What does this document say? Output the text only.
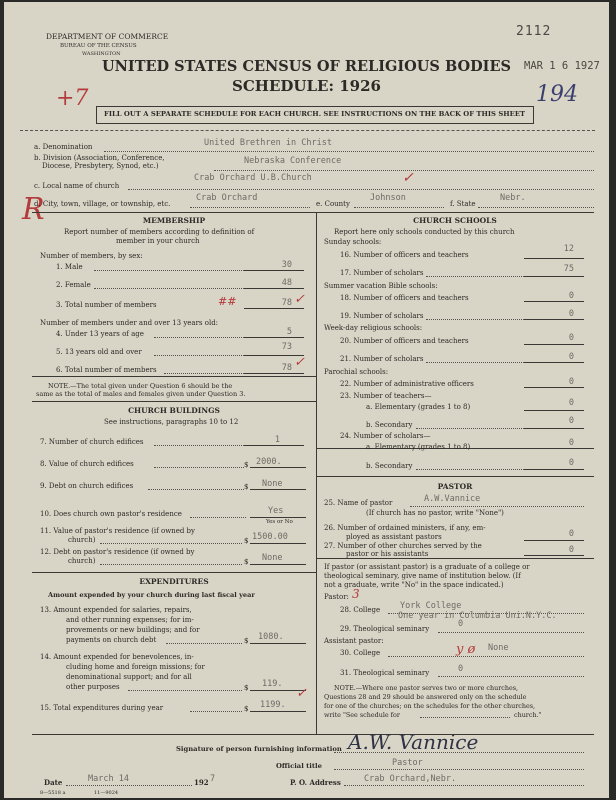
DEPARTMENT OF COMMERCE
BUREAU OF THE CENSUS
WASHINGTON
UNITED STATES CENSUS OF RELIGIOUS BODIES
SCHEDULE: 1926
2112
MAR 1 6 1927
194
+7
R
FILL OUT A SEPARATE SCHEDULE FOR EACH CHURCH. SEE INSTRUCTIONS ON THE BACK OF THIS SHEET
a. Denomination	United Brethren in Christ
b. Division (Association, Conference,
Diocese, Presbytery, Synod, etc.)	Nebraska Conference
c. Local name of church
Crab Orchard U.B.Church	✓
d. City, town, village, or township, etc.
Crab Orchard
e. County
Johnson
f. State
Nebr.
MEMBERSHIP
Report number of members according to definition of
member in your church
Number of members, by sex:
1. Male	30
2. Female	48
3. Total number of members	##	78 ✓
Number of members under and over 13 years old:
4. Under 13 years of age	5
5. 13 years old and over	73
6. Total number of members	78 ✓
NOTE.—The total given under Question 6 should be the
same as the total of males and females given under Question 3.
CHURCH BUILDINGS
See instructions, paragraphs 10 to 12
7. Number of church edifices	1
8. Value of church edifices	$ 2000.
9. Debt on church edifices	$ None
10. Does church own pastor's residence	Yes
Yes or No
11. Value of pastor's residence (if owned by
church)	$ 1500.00
12. Debt on pastor's residence (if owned by
church)	$ None
EXPENDITURES
Amount expended by your church during last fiscal year
13. Amount expended for salaries, repairs,
and other running expenses; for im-
provements or new buildings; and for
payments on church debt	$ 1080.
14. Amount expended for benevolences, in-
cluding home and foreign missions; for
denominational support; and for all
other purposes	$ 119.
15. Total expenditures during year	$ 1199.
✓
CHURCH SCHOOLS
Report here only schools conducted by this church
Sunday schools:
16. Number of officers and teachers
12
17. Number of scholars	75
Summer vacation Bible schools:
18. Number of officers and teachers	0
19. Number of scholars	0
Week-day religious schools:
20. Number of officers and teachers	0
21. Number of scholars	0
Parochial schools:
22. Number of administrative officers	0
23. Number of teachers—
a. Elementary (grades 1 to 8)	0
b. Secondary	0
24. Number of scholars—
a. Elementary (grades 1 to 8)	0
b. Secondary	0
PASTOR
25. Name of pastor	A.W.Vannice
(If church has no pastor, write "None")
26. Number of ordained ministers, if any, em-
ployed as assistant pastors	0
27. Number of other churches served by the
pastor or his assistants	0
If pastor (or assistant pastor) is a graduate of a college or
theological seminary, give name of institution below. (If
not a graduate, write "No" in the space indicated.)
Pastor: 3
28. College York College
One year in Columbia Uni.N.Y.C.
29. Theological seminary	0
Assistant pastor:
30. College	y ø None
31. Theological seminary	0
NOTE.—Where one pastor serves two or more churches,
Questions 28 and 29 should be answered only on the schedule
for one of the churches; on the schedules for the other churches,
write "See schedule for	church."
Signature of person furnishing information A.W. Vannice
Official title	Pastor
Date	March 14	192 7	P. O. Address	Crab Orchard,Nebr.
8—5518 a	11—9024
